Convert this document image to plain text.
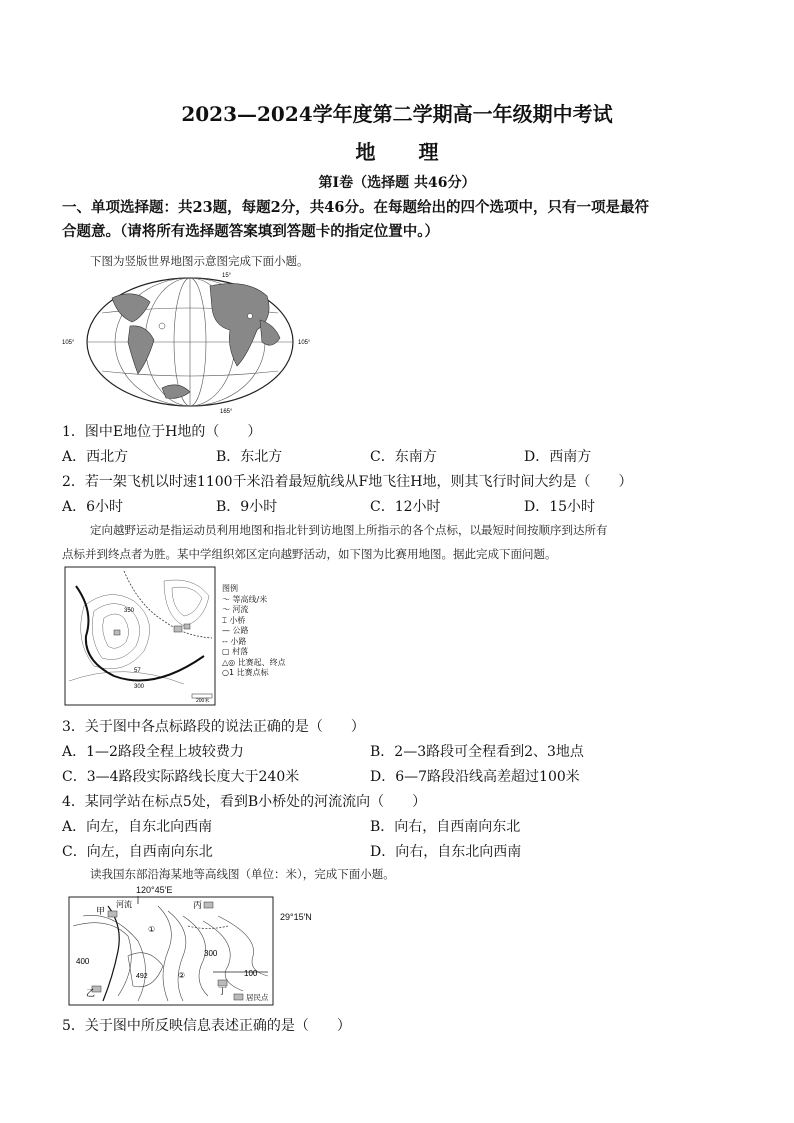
2023—2024学年度第二学期高一年级期中考试
地 理
第Ⅰ卷（选择题 共46分）
一、单项选择题：共23题，每题2分，共46分。在每题给出的四个选项中，只有一项是最符
合题意。（请将所有选择题答案填到答题卡的指定位置中。）
下图为竖版世界地图示意图完成下面小题。
15°
105°	105°
165°
1．图中E地位于H地的（　　）
A．西北方	B．东北方	C．东南方	D．西南方
2．若一架飞机以时速1100千米沿着最短航线从F地飞往H地，则其飞行时间大约是（　　）
A．6小时	B．9小时	C．12小时	D．15小时
定向越野运动是指运动员利用地图和指北针到访地图上所指示的各个点标，以最短时间按顺序到达所有
点标并到终点者为胜。某中学组织郊区定向越野活动，如下图为比赛用地图。据此完成下面问题。
350
57
300
200米
图例
〜 等高线/米
～ 河流
⌶ 小桥
— 公路
-- 小路
▢ 村落
△◎ 比赛起、终点
○1 比赛点标
3．关于图中各点标路段的说法正确的是（　　）
A．1—2路段全程上坡较费力	B．2—3路段可全程看到2、3地点
C．3—4路段实际路线长度大于240米	D．6—7路段沿线高差超过100米
4．某同学站在标点5处，看到B小桥处的河流流向（　　）
A．向左，自东北向西南	B．向右，自西南向东北
C．向左，自西南向东北	D．向右，自东北向西南
读我国东部沿海某地等高线图（单位：米），完成下面小题。
120°45′E
甲
河流	丙
乙	丁
①
②
400
300
100
492
居民点
29°15′N
5．关于图中所反映信息表述正确的是（　　）
